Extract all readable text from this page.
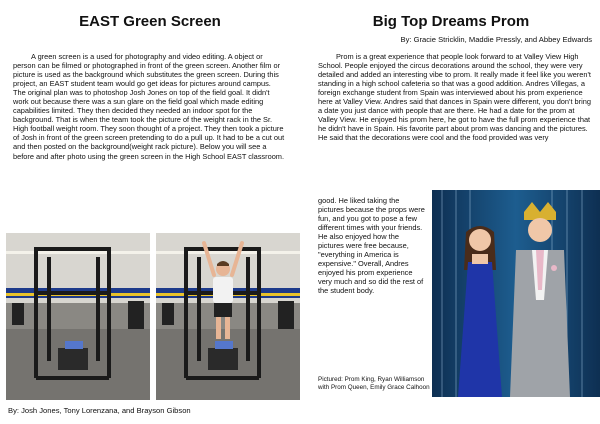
EAST Green Screen
A green screen is a used for photography and video editing. A object or person can be filmed or photographed in front of the green screen. Another film or picture is used as the background which substitutes the green screen. During this project, an EAST student team would go get ideas for pictures around campus. The original plan was to photoshop Josh Jones on top of the field goal. It didn't work out because there was a sun glare on the field goal which made editing capabilities limited. They then decided they needed an indoor spot for the background. That is when the team took the picture of the weight rack in the Sr. High football weight room. They soon thought of a project. They then took a picture of Josh in front of the green screen pretending to do a pull up. It had to be a cut out and then posted on the background(weight rack picture). Below you will see a before and after photo using the green screen in the High School EAST classroom.
By: Josh Jones, Tony Lorenzana, and Brayson Gibson
Big Top Dreams Prom
By: Gracie Stricklin, Maddie Pressly, and Abbey Edwards
Prom is a great experience that people look forward to at Valley View High School. People enjoyed the circus decorations around the school, they were very detailed and added an interesting vibe to prom. It really made it feel like you weren't standing in a high school cafeteria so that was a good addition. Andres Villegas, a foreign exchange student from Spain was interviewed about his prom experience here at Valley View. Andres said that dances in Spain were different, you don't bring a date you just dance with people that are there. He had a date for the prom at Valley View. He enjoyed his prom here, he got to have the full prom experience that he didn't have in Spain. His favorite part about prom was dancing and the pictures. He said that the decorations were cool and the food provided was very
good. He liked taking the pictures because the props were fun, and you got to pose a few different times with your friends. He also enjoyed how the pictures were free because, "everything in America is expensive." Overall, Andres enjoyed his prom experience very much and so did the rest of the student body.
Pictured: Prom King, Ryan Williamson with Prom Queen, Emily Grace Calhoon
